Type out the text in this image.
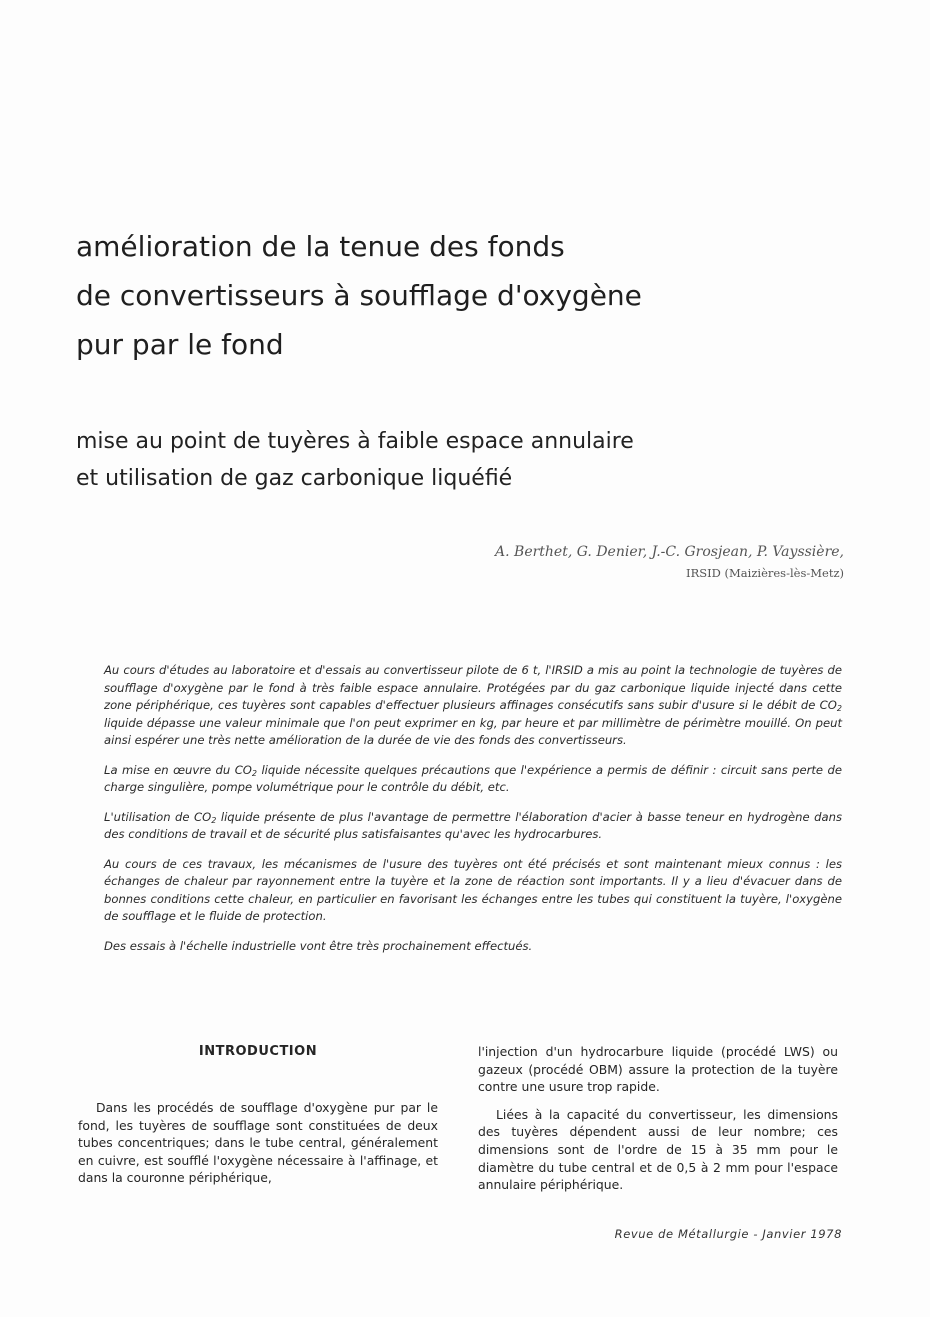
amélioration de la tenue des fonds
de convertisseurs à soufflage d'oxygène
pur par le fond
mise au point de tuyères à faible espace annulaire
et utilisation de gaz carbonique liquéfié
A. Berthet, G. Denier, J.-C. Grosjean, P. Vayssière,
IRSID (Maizières-lès-Metz)

Au cours d'études au laboratoire et d'essais au convertisseur pilote de 6 t, l'IRSID a mis au point la technologie de tuyères de soufflage d'oxygène par le fond à très faible espace annulaire. Protégées par du gaz carbonique liquide injecté dans cette zone périphérique, ces tuyères sont capables d'effectuer plusieurs affinages consécutifs sans subir d'usure si le débit de $CO_2$ liquide dépasse une valeur minimale que l'on peut exprimer en kg, par heure et par millimètre de périmètre mouillé. On peut ainsi espérer une très nette amélioration de la durée de vie des fonds des convertisseurs.

La mise en œuvre du $CO_2$ liquide nécessite quelques précautions que l'expérience a permis de définir : circuit sans perte de charge singulière, pompe volumétrique pour le contrôle du débit, etc.

L'utilisation de $CO_2$ liquide présente de plus l'avantage de permettre l'élaboration d'acier à basse teneur en hydrogène dans des conditions de travail et de sécurité plus satisfaisantes qu'avec les hydrocarbures.

Au cours de ces travaux, les mécanismes de l'usure des tuyères ont été précisés et sont maintenant mieux connus : les échanges de chaleur par rayonnement entre la tuyère et la zone de réaction sont importants. Il y a lieu d'évacuer dans de bonnes conditions cette chaleur, en particulier en favorisant les échanges entre les tubes qui constituent la tuyère, l'oxygène de soufflage et le fluide de protection.

Des essais à l'échelle industrielle vont être très prochainement effectués.

INTRODUCTION

Dans les procédés de soufflage d'oxygène pur par le fond, les tuyères de soufflage sont constituées de deux tubes concentriques; dans le tube central, généralement en cuivre, est soufflé l'oxygène nécessaire à l'affinage, et dans la couronne périphérique,

l'injection d'un hydrocarbure liquide (procédé LWS) ou gazeux (procédé OBM) assure la protection de la tuyère contre une usure trop rapide.

Liées à la capacité du convertisseur, les dimensions des tuyères dépendent aussi de leur nombre; ces dimensions sont de l'ordre de 15 à 35 mm pour le diamètre du tube central et de 0,5 à 2 mm pour l'espace annulaire périphérique.

Revue de Métallurgie - Janvier 1978
